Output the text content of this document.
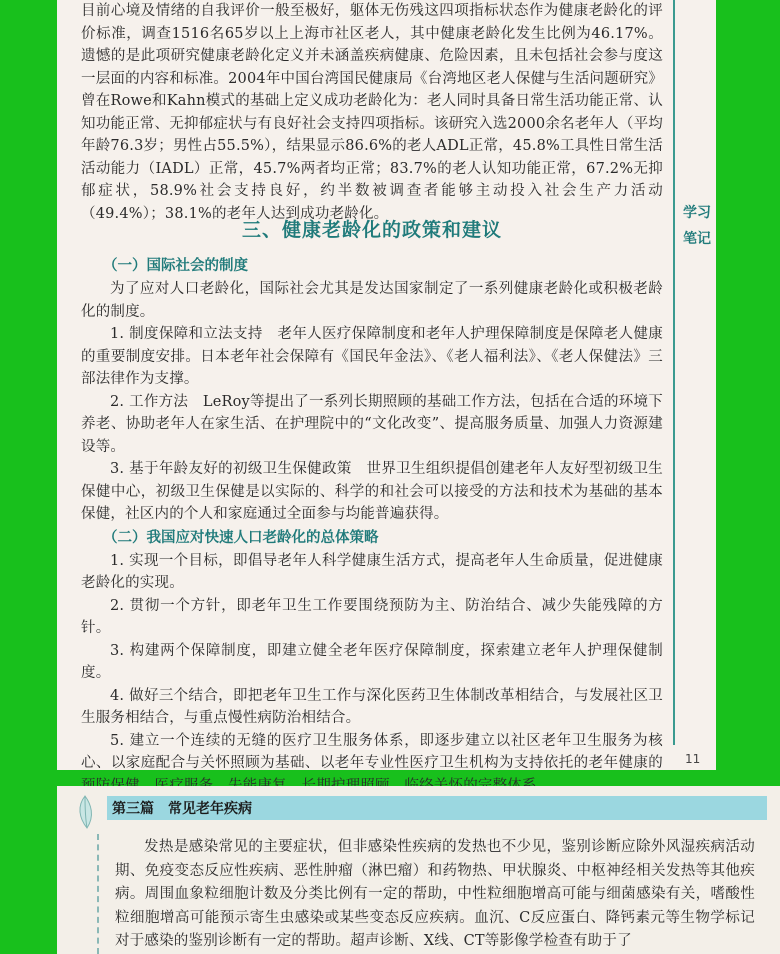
目前心境及情绪的自我评价一般至极好，躯体无伤残这四项指标状态作为健康老龄化的评价标准，调查1516名65岁以上上海市社区老人，其中健康老龄化发生比例为46.17%。遗憾的是此项研究健康老龄化定义并未涵盖疾病健康、危险因素，且未包括社会参与度这一层面的内容和标准。2004年中国台湾国民健康局《台湾地区老人保健与生活问题研究》曾在Rowe和Kahn模式的基础上定义成功老龄化为：老人同时具备日常生活功能正常、认知功能正常、无抑郁症状与有良好社会支持四项指标。该研究入选2000余名老年人（平均年龄76.3岁；男性占55.5%），结果显示86.6%的老人ADL正常，45.8%工具性日常生活活动能力（IADL）正常，45.7%两者均正常；83.7%的老人认知功能正常，67.2%无抑郁症状，58.9%社会支持良好，约半数被调查者能够主动投入社会生产力活动（49.4%）；38.1%的老年人达到成功老龄化。

三、健康老龄化的政策和建议

（一）国际社会的制度

为了应对人口老龄化，国际社会尤其是发达国家制定了一系列健康老龄化或积极老龄化的制度。

1. 制度保障和立法支持　老年人医疗保障制度和老年人护理保障制度是保障老人健康的重要制度安排。日本老年社会保障有《国民年金法》、《老人福利法》、《老人保健法》三部法律作为支撑。

2. 工作方法　LeRoy等提出了一系列长期照顾的基础工作方法，包括在合适的环境下养老、协助老年人在家生活、在护理院中的“文化改变”、提高服务质量、加强人力资源建设等。

3. 基于年龄友好的初级卫生保健政策　世界卫生组织提倡创建老年人友好型初级卫生保健中心，初级卫生保健是以实际的、科学的和社会可以接受的方法和技术为基础的基本保健，社区内的个人和家庭通过全面参与均能普遍获得。

（二）我国应对快速人口老龄化的总体策略

1. 实现一个目标，即倡导老年人科学健康生活方式，提高老年人生命质量，促进健康老龄化的实现。

2. 贯彻一个方针，即老年卫生工作要围绕预防为主、防治结合、减少失能残障的方针。

3. 构建两个保障制度，即建立健全老年医疗保障制度，探索建立老年人护理保健制度。

4. 做好三个结合，即把老年卫生工作与深化医药卫生体制改革相结合，与发展社区卫生服务相结合，与重点慢性病防治相结合。

5. 建立一个连续的无缝的医疗卫生服务体系，即逐步建立以社区老年卫生服务为核心、以家庭配合与关怀照顾为基础、以老年专业性医疗卫生机构为支持依托的老年健康的

学习笔记
11
第三篇　常见老年疾病

发热是感染常见的主要症状，但非感染性疾病的发热也不少见，鉴别诊断应除外风湿疾病活动期、免疫变态反应性疾病、恶性肿瘤（淋巴瘤）和药物热、甲状腺炎、中枢神经相关发热等其他疾病。周围血象粒细胞计数及分类比例有一定的帮助，中性粒细胞增高可能与细菌感染有关，嗜酸性粒细胞增高可能预示寄生虫感染或某些变态反应疾病。血沉、C反应蛋白、降钙素元等生物学标记对于感染的鉴别诊断有一定的帮助。超声诊断、X线、CT等影像学检查有助于了
